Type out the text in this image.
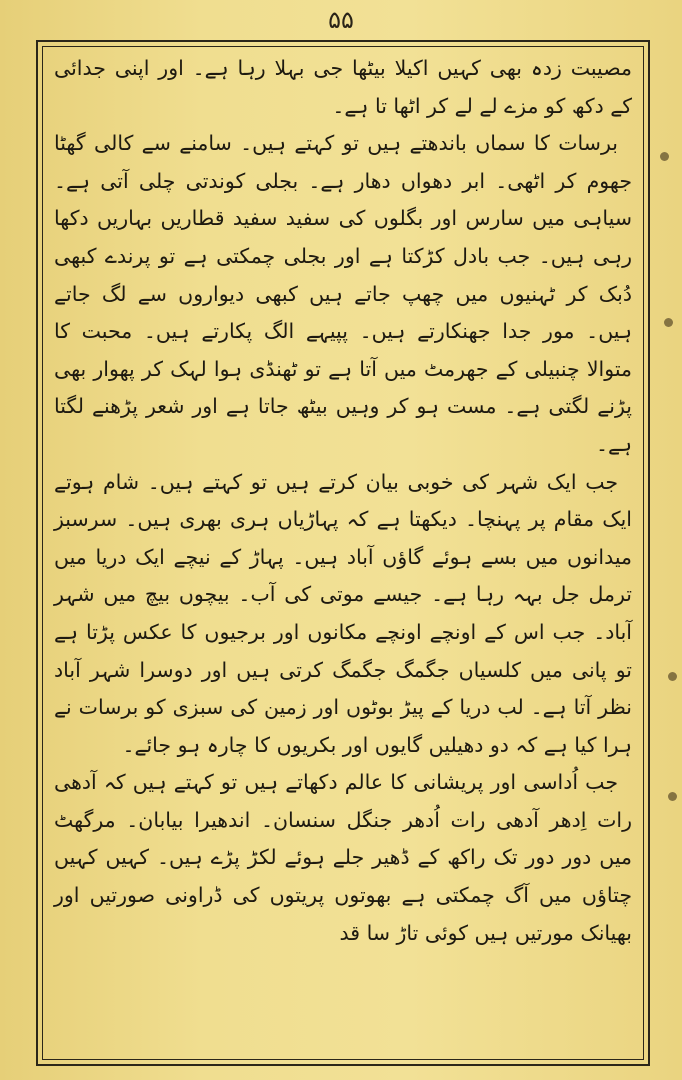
۵۵

مصیبت زدہ بھی کہیں اکیلا بیٹھا جی بہلا رہا ہے۔ اور اپنی جدائی کے دکھ کو مزے لے لے کر اٹھا تا ہے۔

برسات کا سماں باندھتے ہیں تو کہتے ہیں۔ سامنے سے کالی گھٹا جھوم کر اٹھی۔ ابر دھواں دھار ہے۔ بجلی کوندتی چلی آتی ہے۔ سیاہی میں سارس اور بگلوں کی سفید سفید قطاریں بہاریں دکھا رہی ہیں۔ جب بادل کڑکتا ہے اور بجلی چمکتی ہے تو پرندے کبھی دُبک کر ٹہنیوں میں چھپ جاتے ہیں کبھی دیواروں سے لگ جاتے ہیں۔ مور جدا جھنکارتے ہیں۔ پپیہے الگ پکارتے ہیں۔ محبت کا متوالا چنبیلی کے جھرمٹ میں آتا ہے تو ٹھنڈی ہوا لہک کر پھوار بھی پڑنے لگتی ہے۔ مست ہو کر وہیں بیٹھ جاتا ہے اور شعر پڑھنے لگتا ہے۔

جب ایک شہر کی خوبی بیان کرتے ہیں تو کہتے ہیں۔ شام ہوتے ایک مقام پر پہنچا۔ دیکھتا ہے کہ پہاڑیاں ہری بھری ہیں۔ سرسبز میدانوں میں بسے ہوئے گاؤں آباد ہیں۔ پہاڑ کے نیچے ایک دریا میں ترمل جل بہہ رہا ہے۔ جیسے موتی کی آب۔ بیچوں بیچ میں شہر آباد۔ جب اس کے اونچے اونچے مکانوں اور برجیوں کا عکس پڑتا ہے تو پانی میں کلسیاں جگمگ جگمگ کرتی ہیں اور دوسرا شہر آباد نظر آتا ہے۔ لب دریا کے پیڑ بوٹوں اور زمین کی سبزی کو برسات نے ہرا کیا ہے کہ دو دھیلیں گایوں اور بکریوں کا چارہ ہو جائے۔

جب اُداسی اور پریشانی کا عالم دکھاتے ہیں تو کہتے ہیں کہ آدھی رات اِدھر آدھی رات اُدھر جنگل سنسان۔ اندھیرا بیابان۔ مرگھٹ میں دور دور تک راکھ کے ڈھیر جلے ہوئے لکڑ پڑے ہیں۔ کہیں کہیں چتاؤں میں آگ چمکتی ہے بھوتوں پریتوں کی ڈراونی صورتیں اور بھیانک مورتیں ہیں کوئی تاڑ سا قد
